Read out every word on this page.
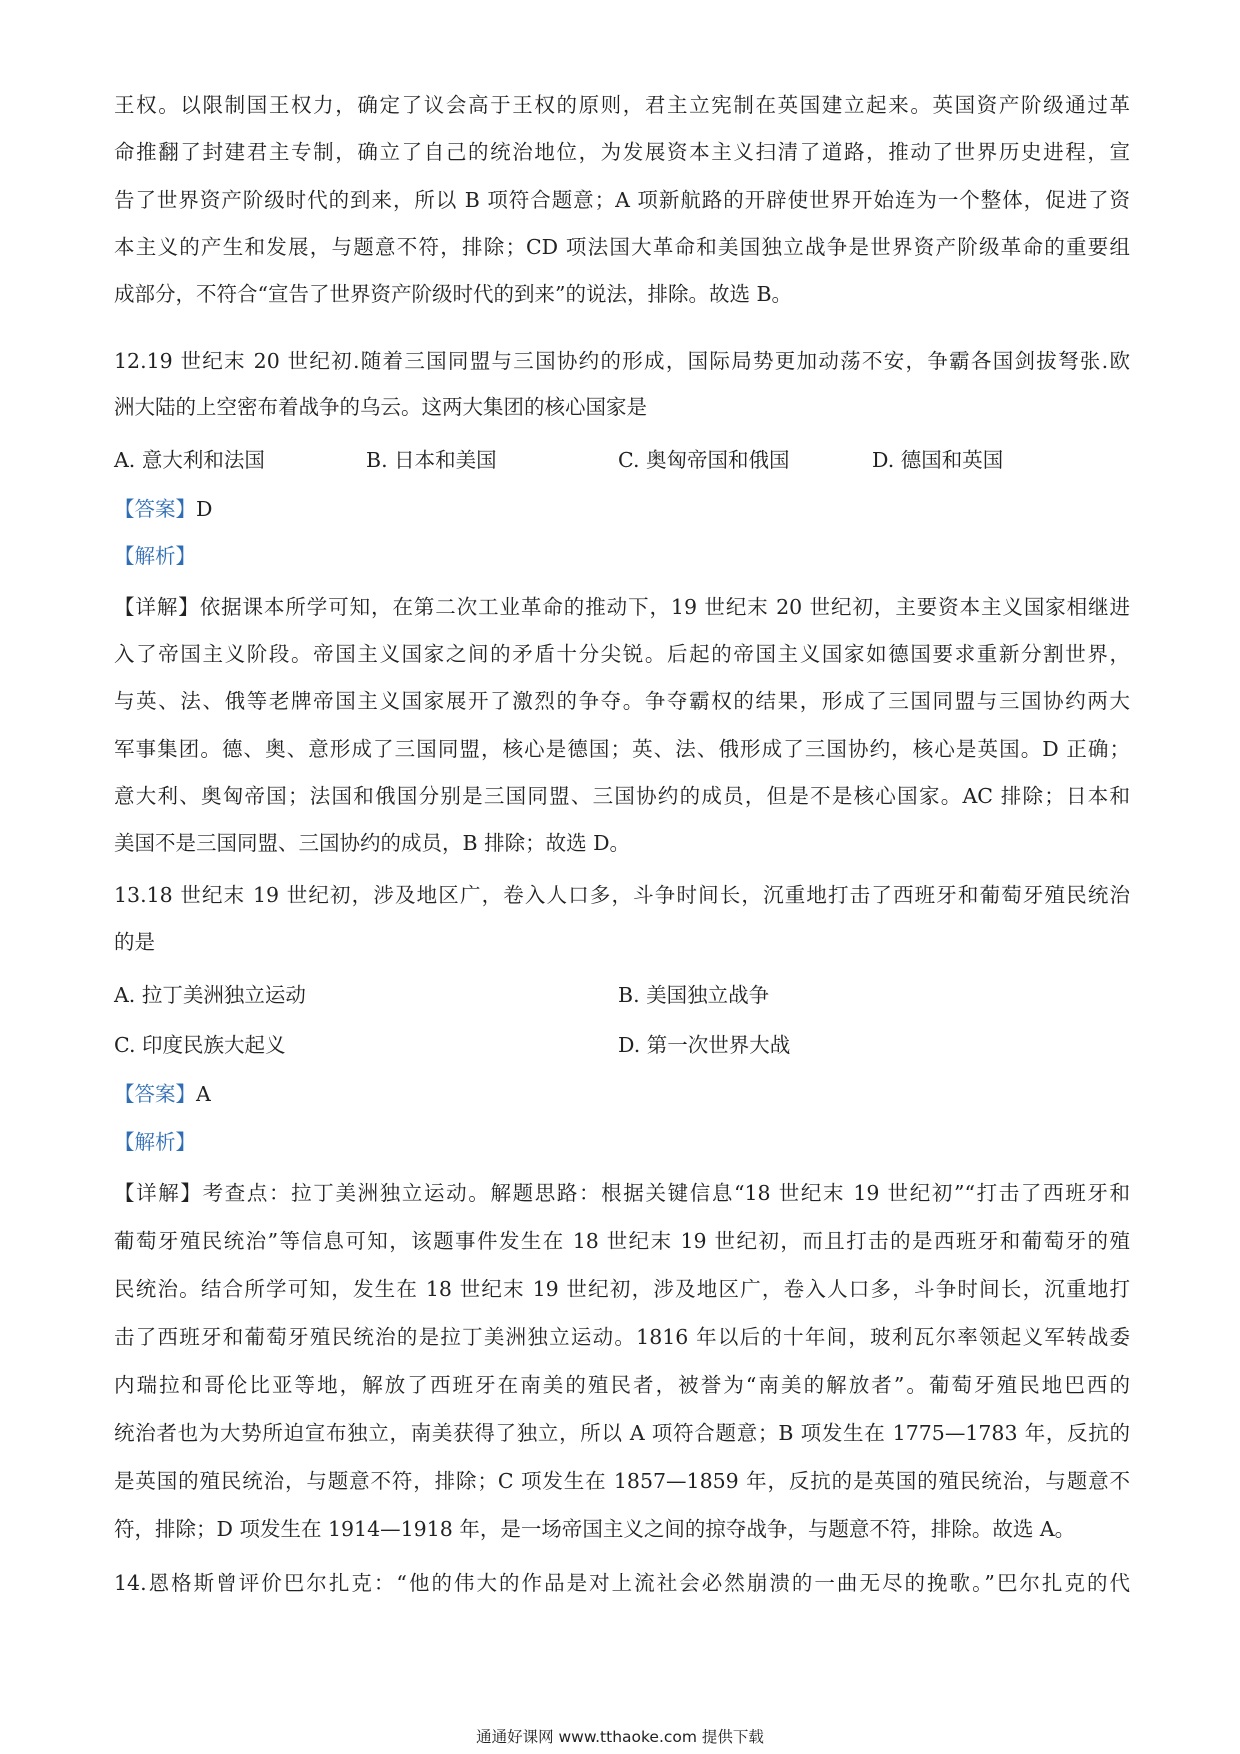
王权。以限制国王权力，确定了议会高于王权的原则，君主立宪制在英国建立起来。英国资产阶级通过革
命推翻了封建君主专制，确立了自己的统治地位，为发展资本主义扫清了道路，推动了世界历史进程，宣
告了世界资产阶级时代的到来，所以 B 项符合题意；A 项新航路的开辟使世界开始连为一个整体，促进了资
本主义的产生和发展，与题意不符，排除；CD 项法国大革命和美国独立战争是世界资产阶级革命的重要组
成部分，不符合“宣告了世界资产阶级时代的到来”的说法，排除。故选 B。
12.19 世纪末 20 世纪初.随着三国同盟与三国协约的形成，国际局势更加动荡不安，争霸各国剑拔弩张.欧
洲大陆的上空密布着战争的乌云。这两大集团的核心国家是
A. 意大利和法国	B. 日本和美国	C. 奥匈帝国和俄国	D. 德国和英国
【答案】D
【解析】
【详解】依据课本所学可知，在第二次工业革命的推动下，19 世纪末 20 世纪初，主要资本主义国家相继进
入了帝国主义阶段。帝国主义国家之间的矛盾十分尖锐。后起的帝国主义国家如德国要求重新分割世界，
与英、法、俄等老牌帝国主义国家展开了激烈的争夺。争夺霸权的结果，形成了三国同盟与三国协约两大
军事集团。德、奥、意形成了三国同盟，核心是德国；英、法、俄形成了三国协约，核心是英国。D 正确；
意大利、奥匈帝国；法国和俄国分别是三国同盟、三国协约的成员，但是不是核心国家。AC 排除；日本和
美国不是三国同盟、三国协约的成员，B 排除；故选 D。
13.18 世纪末 19 世纪初，涉及地区广，卷入人口多，斗争时间长，沉重地打击了西班牙和葡萄牙殖民统治
的是
A. 拉丁美洲独立运动	B. 美国独立战争
C. 印度民族大起义	D. 第一次世界大战
【答案】A
【解析】
【详解】考查点：拉丁美洲独立运动。解题思路：根据关键信息“18 世纪末 19 世纪初”“打击了西班牙和
葡萄牙殖民统治”等信息可知，该题事件发生在 18 世纪末 19 世纪初，而且打击的是西班牙和葡萄牙的殖
民统治。结合所学可知，发生在 18 世纪末 19 世纪初，涉及地区广，卷入人口多，斗争时间长，沉重地打
击了西班牙和葡萄牙殖民统治的是拉丁美洲独立运动。1816 年以后的十年间，玻利瓦尔率领起义军转战委
内瑞拉和哥伦比亚等地，解放了西班牙在南美的殖民者，被誉为“南美的解放者”。葡萄牙殖民地巴西的
统治者也为大势所迫宣布独立，南美获得了独立，所以 A 项符合题意；B 项发生在 1775—1783 年，反抗的
是英国的殖民统治，与题意不符，排除；C 项发生在 1857—1859 年，反抗的是英国的殖民统治，与题意不
符，排除；D 项发生在 1914—1918 年，是一场帝国主义之间的掠夺战争，与题意不符，排除。故选 A。
14.恩格斯曾评价巴尔扎克：“他的伟大的作品是对上流社会必然崩溃的一曲无尽的挽歌。”巴尔扎克的代
通通好课网 www.tthaoke.com 提供下载
